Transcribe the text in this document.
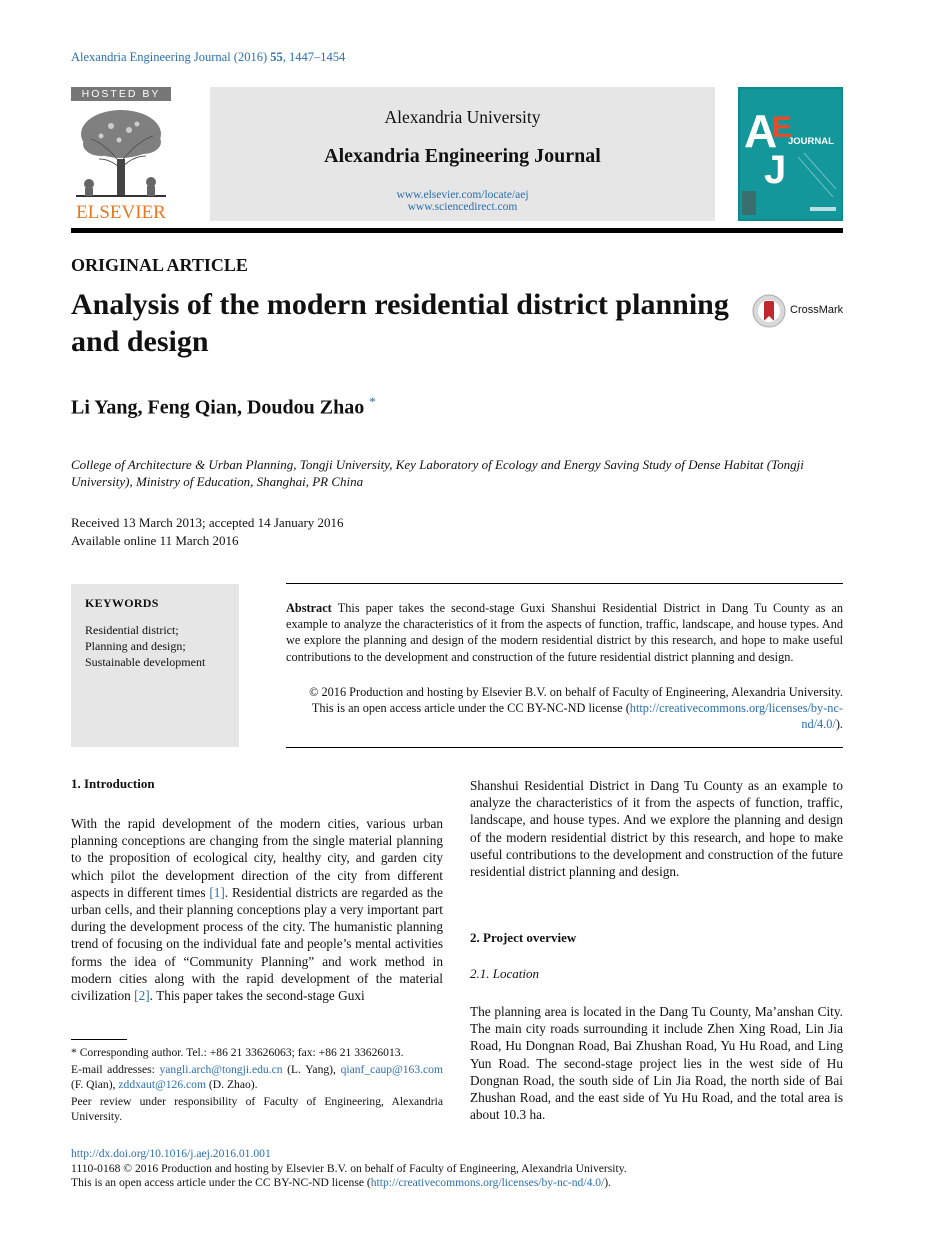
Alexandria Engineering Journal (2016) 55, 1447–1454
HOSTED BY
ELSEVIER
Alexandria University
Alexandria Engineering Journal
www.elsevier.com/locate/aej
www.sciencedirect.com
A
E
J
JOURNAL
ORIGINAL ARTICLE
Analysis of the modern residential district planning and design
CrossMark
Li Yang, Feng Qian, Doudou Zhao *
College of Architecture & Urban Planning, Tongji University, Key Laboratory of Ecology and Energy Saving Study of Dense Habitat (Tongji University), Ministry of Education, Shanghai, PR China
Received 13 March 2013; accepted 14 January 2016
Available online 11 March 2016
KEYWORDS
Residential district;
Planning and design;
Sustainable development
Abstract This paper takes the second-stage Guxi Shanshui Residential District in Dang Tu County as an example to analyze the characteristics of it from the aspects of function, traffic, landscape, and house types. And we explore the planning and design of the modern residential district by this research, and hope to make useful contributions to the development and construction of the future residential district planning and design.
© 2016 Production and hosting by Elsevier B.V. on behalf of Faculty of Engineering, Alexandria University. This is an open access article under the CC BY-NC-ND license (http://creativecommons.org/licenses/by-nc-nd/4.0/).
1. Introduction
With the rapid development of the modern cities, various urban planning conceptions are changing from the single material planning to the proposition of ecological city, healthy city, and garden city which pilot the development direction of the city from different aspects in different times [1]. Residential districts are regarded as the urban cells, and their planning conceptions play a very important part during the development process of the city. The humanistic planning trend of focusing on the individual fate and people’s mental activities forms the idea of “Community Planning” and work method in modern cities along with the rapid development of the material civilization [2]. This paper takes the second-stage Guxi
* Corresponding author. Tel.: +86 21 33626063; fax: +86 21 33626013.
E-mail addresses: yangli.arch@tongji.edu.cn (L. Yang), qianf_caup@163.com (F. Qian), zddxaut@126.com (D. Zhao).
Peer review under responsibility of Faculty of Engineering, Alexandria University.
Shanshui Residential District in Dang Tu County as an example to analyze the characteristics of it from the aspects of function, traffic, landscape, and house types. And we explore the planning and design of the modern residential district by this research, and hope to make useful contributions to the development and construction of the future residential district planning and design.
2. Project overview
2.1. Location
The planning area is located in the Dang Tu County, Ma’anshan City. The main city roads surrounding it include Zhen Xing Road, Lin Jia Road, Hu Dongnan Road, Bai Zhushan Road, Yu Hu Road, and Ling Yun Road. The second-stage project lies in the west side of Hu Dongnan Road, the south side of Lin Jia Road, the north side of Bai Zhushan Road, and the east side of Yu Hu Road, and the total area is about 10.3 ha.
http://dx.doi.org/10.1016/j.aej.2016.01.001
1110-0168 © 2016 Production and hosting by Elsevier B.V. on behalf of Faculty of Engineering, Alexandria University.
This is an open access article under the CC BY-NC-ND license (http://creativecommons.org/licenses/by-nc-nd/4.0/).
